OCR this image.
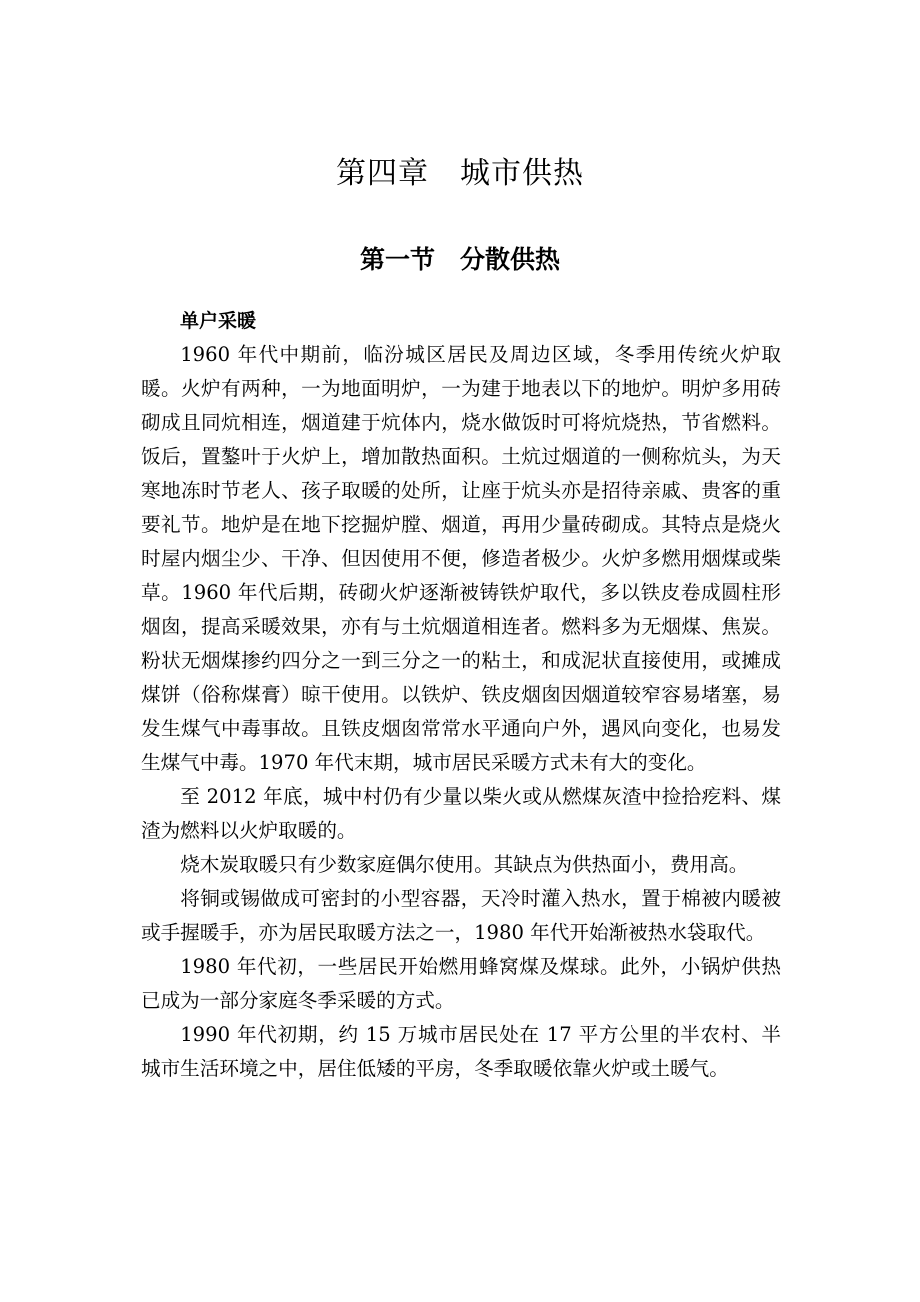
第四章　城市供热
第一节　分散供热
单户采暖

1960 年代中期前，临汾城区居民及周边区域，冬季用传统火炉取暖。火炉有两种，一为地面明炉，一为建于地表以下的地炉。明炉多用砖砌成且同炕相连，烟道建于炕体内，烧水做饭时可将炕烧热，节省燃料。饭后，置鏊叶于火炉上，增加散热面积。土炕过烟道的一侧称炕头，为天寒地冻时节老人、孩子取暖的处所，让座于炕头亦是招待亲戚、贵客的重要礼节。地炉是在地下挖掘炉膛、烟道，再用少量砖砌成。其特点是烧火时屋内烟尘少、干净、但因使用不便，修造者极少。火炉多燃用烟煤或柴草。1960 年代后期，砖砌火炉逐渐被铸铁炉取代，多以铁皮卷成圆柱形烟囱，提高采暖效果，亦有与土炕烟道相连者。燃料多为无烟煤、焦炭。粉状无烟煤掺约四分之一到三分之一的粘土，和成泥状直接使用，或摊成煤饼（俗称煤膏）晾干使用。以铁炉、铁皮烟囱因烟道较窄容易堵塞，易发生煤气中毒事故。且铁皮烟囱常常水平通向户外，遇风向变化，也易发生煤气中毒。1970 年代末期，城市居民采暖方式未有大的变化。

至 2012 年底，城中村仍有少量以柴火或从燃煤灰渣中捡拾疙料、煤渣为燃料以火炉取暖的。

烧木炭取暖只有少数家庭偶尔使用。其缺点为供热面小，费用高。

将铜或锡做成可密封的小型容器，天冷时灌入热水，置于棉被内暖被或手握暖手，亦为居民取暖方法之一，1980 年代开始渐被热水袋取代。

1980 年代初，一些居民开始燃用蜂窝煤及煤球。此外，小锅炉供热已成为一部分家庭冬季采暖的方式。

1990 年代初期，约 15 万城市居民处在 17 平方公里的半农村、半城市生活环境之中，居住低矮的平房，冬季取暖依靠火炉或土暖气。
